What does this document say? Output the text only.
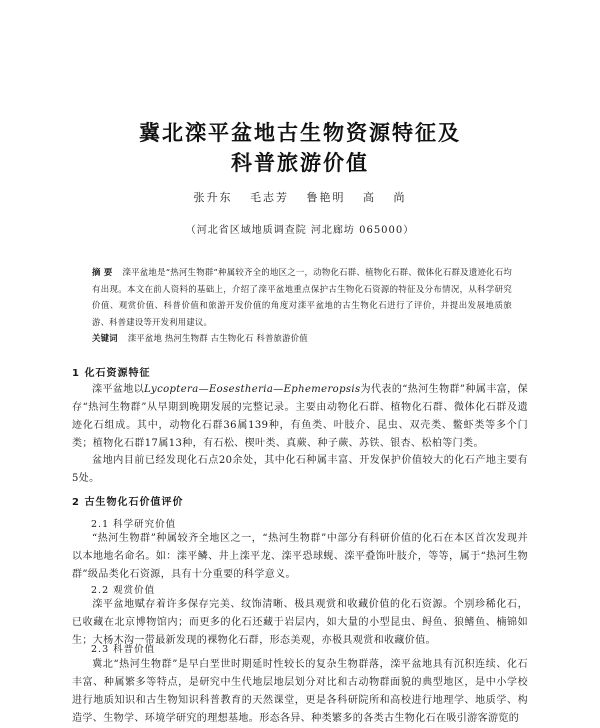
冀北滦平盆地古生物资源特征及
科普旅游价值
张升东 毛志芳 鲁艳明 高 尚
（河北省区域地质调查院 河北廊坊 065000）

摘 要 滦平盆地是“热河生物群”种属较齐全的地区之一，动物化石群、植物化石群、微体化石群及遗迹化石均有出现。本文在前人资料的基础上，介绍了滦平盆地重点保护古生物化石资源的特征及分布情况，从科学研究价值、观赏价值、科普价值和旅游开发价值的角度对滦平盆地的古生物化石进行了评价，并提出发展地质旅游、科普建设等开发利用建议。
关键词 滦平盆地 热河生物群 古生物化石 科普旅游价值

1 化石资源特征

滦平盆地以Lycoptera—Eosestheria—Ephemeropsis为代表的“热河生物群”种属丰富，保存“热河生物群”从早期到晚期发展的完整记录。主要由动物化石群、植物化石群、微体化石群及遗迹化石组成。其中，动物化石群36属139种，有鱼类、叶肢介、昆虫、双壳类、鳖虾类等多个门类；植物化石群17属13种，有石松、楔叶类、真蕨、种子蕨、苏铁、银杏、松柏等门类。

盆地内目前已经发现化石点20余处，其中化石种属丰富、开发保护价值较大的化石产地主要有5处。

2 古生物化石价值评价
2.1 科学研究价值

“热河生物群”种属较齐全地区之一，“热河生物群”中部分有科研价值的化石在本区首次发现并以本地地名命名。如：滦平鳞、井上滦平龙、滦平恐球蚬、滦平叠饰叶肢介，等等，属于“热河生物群”级品类化石资源，具有十分重要的科学意义。

2.2 观赏价值

滦平盆地赋存着许多保存完美、纹饰清晰、极具观赏和收藏价值的化石资源。个别珍稀化石，已收藏在北京博物馆内；而更多的化石还藏于岩层内，如大量的小型昆虫、鲟鱼、狼鳍鱼、楠锦如生；大杨木沟一带最新发现的裸物化石群，形态美观，亦极具观赏和收藏价值。

2.3 科普价值

冀北“热河生物群”是早白垩世时期延时性较长的复杂生物群落，滦平盆地具有沉积连续、化石丰富、种属繁多等特点，是研究中生代地层地层划分对比和古动物群面貌的典型地区，是中小学校进行地质知识和古生物知识科普教育的天然课堂，更是各科研院所和高校进行地理学、地质学、构造学、生物学、环境学研究的理想基地。形态各异、种类繁多的各类古生物化石在吸引游客游览的
